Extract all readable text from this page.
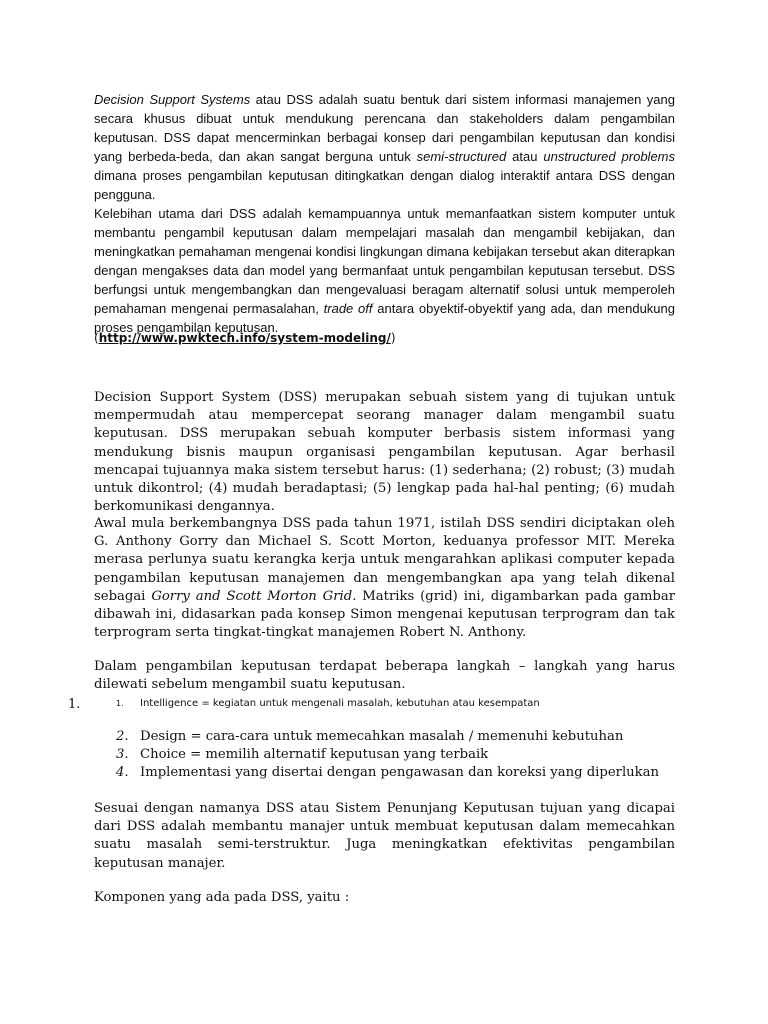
Decision Support Systems atau DSS adalah suatu bentuk dari sistem informasi manajemen yang secara khusus dibuat untuk mendukung perencana dan stakeholders dalam pengambilan keputusan. DSS dapat mencerminkan berbagai konsep dari pengambilan keputusan dan kondisi yang berbeda-beda, dan akan sangat berguna untuk semi-structured atau unstructured problems dimana proses pengambilan keputusan ditingkatkan dengan dialog interaktif antara DSS dengan pengguna.

Kelebihan utama dari DSS adalah kemampuannya untuk memanfaatkan sistem komputer untuk membantu pengambil keputusan dalam mempelajari masalah dan mengambil kebijakan, dan meningkatkan pemahaman mengenai kondisi lingkungan dimana kebijakan tersebut akan diterapkan dengan mengakses data dan model yang bermanfaat untuk pengambilan keputusan tersebut. DSS berfungsi untuk mengembangkan dan mengevaluasi beragam alternatif solusi untuk memperoleh pemahaman mengenai permasalahan, trade off antara obyektif-obyektif yang ada, dan mendukung proses pengambilan keputusan.

(http://www.pwktech.info/system-modeling/)

Decision Support System (DSS) merupakan sebuah sistem yang di tujukan untuk mempermudah atau mempercepat seorang manager dalam mengambil suatu keputusan. DSS merupakan sebuah komputer berbasis sistem informasi yang mendukung bisnis maupun organisasi pengambilan keputusan. Agar berhasil mencapai tujuannya maka sistem tersebut harus: (1) sederhana; (2) robust; (3) mudah untuk dikontrol; (4) mudah beradaptasi; (5) lengkap pada hal-hal penting; (6) mudah berkomunikasi dengannya.

Awal mula berkembangnya DSS pada tahun 1971, istilah DSS sendiri diciptakan oleh G. Anthony Gorry dan Michael S. Scott Morton, keduanya professor MIT. Mereka merasa perlunya suatu kerangka kerja untuk mengarahkan aplikasi computer kepada pengambilan keputusan manajemen dan mengembangkan apa yang telah dikenal sebagai Gorry and Scott Morton Grid. Matriks (grid) ini, digambarkan pada gambar dibawah ini, didasarkan pada konsep Simon mengenai keputusan terprogram dan tak terprogram serta tingkat-tingkat manajemen Robert N. Anthony.

Dalam pengambilan keputusan terdapat beberapa langkah – langkah yang harus dilewati sebelum mengambil suatu keputusan.

1.	1. Intelligence = kegiatan untuk mengenali masalah, kebutuhan atau kesempatan
2. Design = cara-cara untuk memecahkan masalah / memenuhi kebutuhan
3. Choice = memilih alternatif keputusan yang terbaik
4. Implementasi yang disertai dengan pengawasan dan koreksi yang diperlukan

Sesuai dengan namanya DSS atau Sistem Penunjang Keputusan tujuan yang dicapai dari DSS adalah membantu manajer untuk membuat keputusan dalam memecahkan suatu masalah semi-terstruktur. Juga meningkatkan efektivitas pengambilan keputusan manajer.

Komponen yang ada pada DSS, yaitu :
